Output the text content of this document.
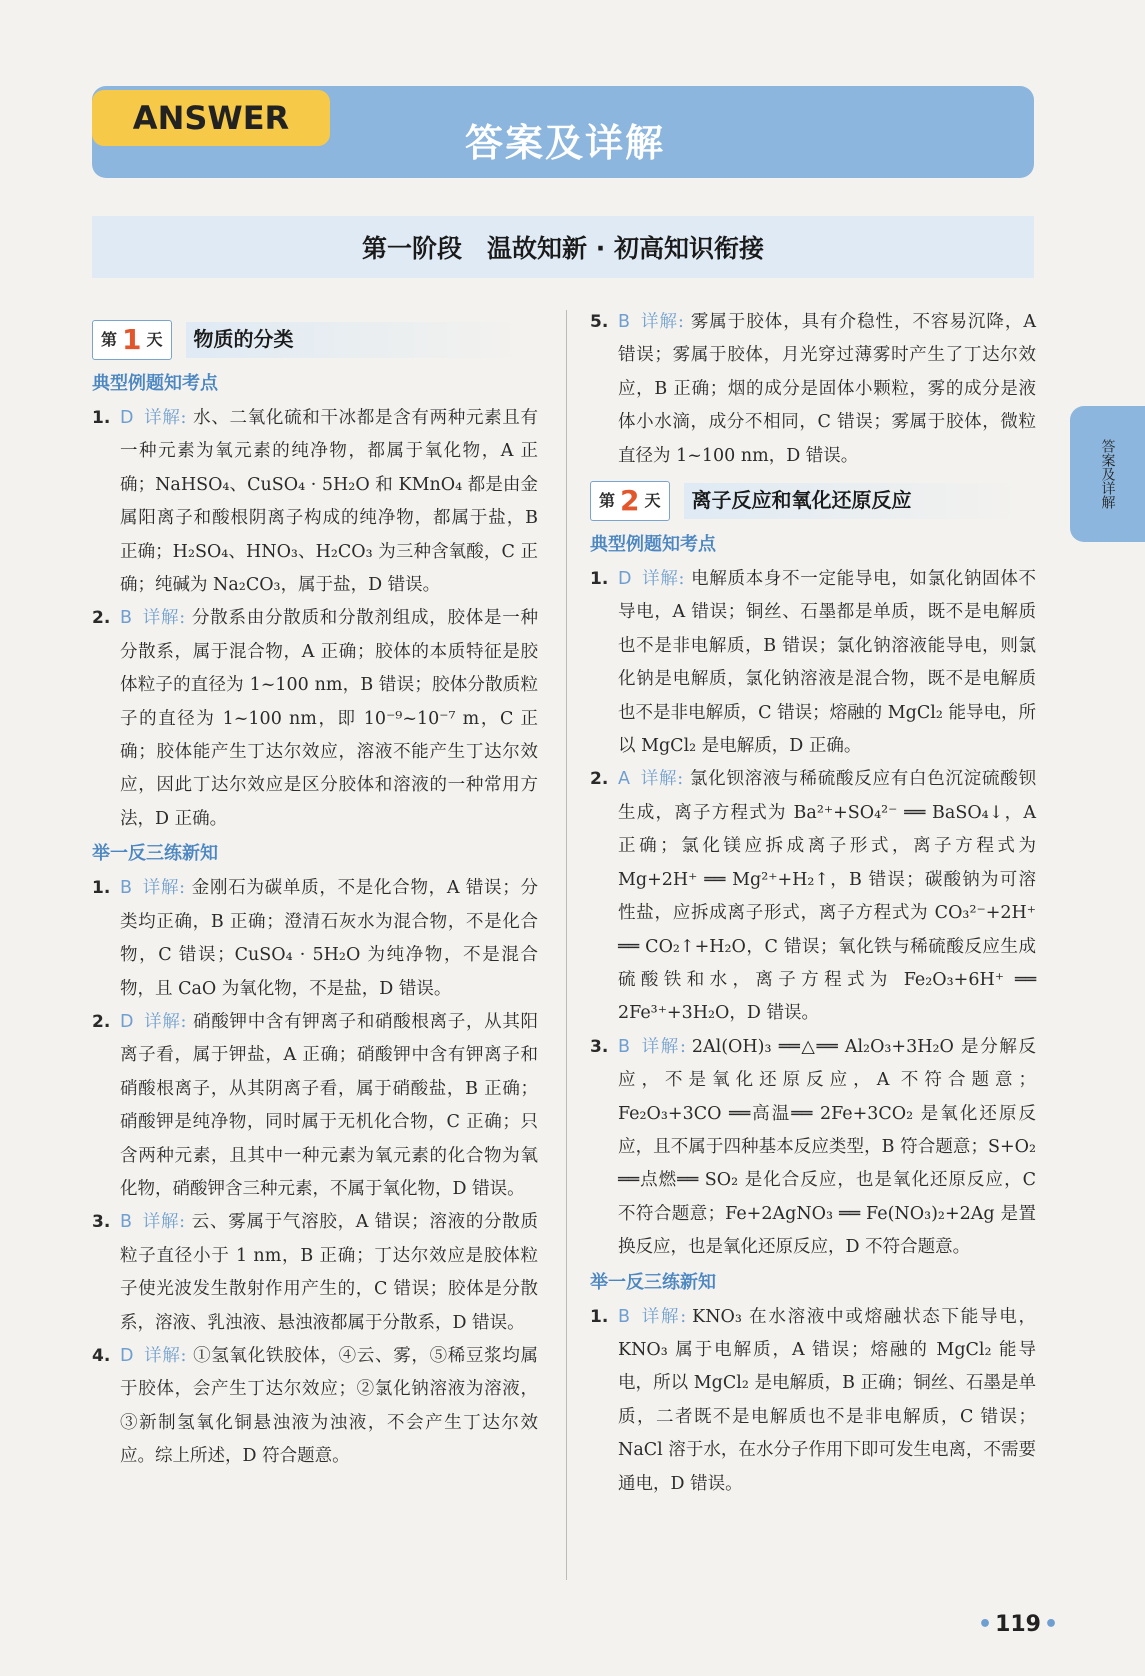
ANSWER
答案及详解
第一阶段　温故知新 · 初高知识衔接
答案及详解
第 1 天	物质的分类
典型例题知考点
1. D 详解: 水、二氧化硫和干冰都是含有两种元素且有一种元素为氧元素的纯净物，都属于氧化物，A 正确；NaHSO₄、CuSO₄ · 5H₂O 和 KMnO₄ 都是由金属阳离子和酸根阴离子构成的纯净物，都属于盐，B 正确；H₂SO₄、HNO₃、H₂CO₃ 为三种含氧酸，C 正确；纯碱为 Na₂CO₃，属于盐，D 错误。
2. B 详解: 分散系由分散质和分散剂组成，胶体是一种分散系，属于混合物，A 正确；胶体的本质特征是胶体粒子的直径为 1~100 nm，B 错误；胶体分散质粒子的直径为 1~100 nm，即 10⁻⁹~10⁻⁷ m，C 正确；胶体能产生丁达尔效应，溶液不能产生丁达尔效应，因此丁达尔效应是区分胶体和溶液的一种常用方法，D 正确。
举一反三练新知
1. B 详解: 金刚石为碳单质，不是化合物，A 错误；分类均正确，B 正确；澄清石灰水为混合物，不是化合物，C 错误；CuSO₄ · 5H₂O 为纯净物，不是混合物，且 CaO 为氧化物，不是盐，D 错误。
2. D 详解: 硝酸钾中含有钾离子和硝酸根离子，从其阳离子看，属于钾盐，A 正确；硝酸钾中含有钾离子和硝酸根离子，从其阴离子看，属于硝酸盐，B 正确；硝酸钾是纯净物，同时属于无机化合物，C 正确；只含两种元素，且其中一种元素为氧元素的化合物为氧化物，硝酸钾含三种元素，不属于氧化物，D 错误。
3. B 详解: 云、雾属于气溶胶，A 错误；溶液的分散质粒子直径小于 1 nm，B 正确；丁达尔效应是胶体粒子使光波发生散射作用产生的，C 错误；胶体是分散系，溶液、乳浊液、悬浊液都属于分散系，D 错误。
4. D 详解: ①氢氧化铁胶体，④云、雾，⑤稀豆浆均属于胶体，会产生丁达尔效应；②氯化钠溶液为溶液，③新制氢氧化铜悬浊液为浊液，不会产生丁达尔效应。综上所述，D 符合题意。
5. B 详解: 雾属于胶体，具有介稳性，不容易沉降，A 错误；雾属于胶体，月光穿过薄雾时产生了丁达尔效应，B 正确；烟的成分是固体小颗粒，雾的成分是液体小水滴，成分不相同，C 错误；雾属于胶体，微粒直径为 1~100 nm，D 错误。
第 2 天	离子反应和氧化还原反应
典型例题知考点
1. D 详解: 电解质本身不一定能导电，如氯化钠固体不导电，A 错误；铜丝、石墨都是单质，既不是电解质也不是非电解质，B 错误；氯化钠溶液能导电，则氯化钠是电解质，氯化钠溶液是混合物，既不是电解质也不是非电解质，C 错误；熔融的 MgCl₂ 能导电，所以 MgCl₂ 是电解质，D 正确。
2. A 详解: 氯化钡溶液与稀硫酸反应有白色沉淀硫酸钡生成，离子方程式为 Ba²⁺+SO₄²⁻ ══ BaSO₄↓，A 正确；氯化镁应拆成离子形式，离子方程式为 Mg+2H⁺ ══ Mg²⁺+H₂↑，B 错误；碳酸钠为可溶性盐，应拆成离子形式，离子方程式为 CO₃²⁻+2H⁺ ══ CO₂↑+H₂O，C 错误；氧化铁与稀硫酸反应生成硫酸铁和水，离子方程式为 Fe₂O₃+6H⁺ ══ 2Fe³⁺+3H₂O，D 错误。
3. B 详解: 2Al(OH)₃ ══△══ Al₂O₃+3H₂O 是分解反应，不是氧化还原反应，A 不符合题意；Fe₂O₃+3CO ══高温══ 2Fe+3CO₂ 是氧化还原反应，且不属于四种基本反应类型，B 符合题意；S+O₂ ══点燃══ SO₂ 是化合反应，也是氧化还原反应，C 不符合题意；Fe+2AgNO₃ ══ Fe(NO₃)₂+2Ag 是置换反应，也是氧化还原反应，D 不符合题意。
举一反三练新知
1. B 详解: KNO₃ 在水溶液中或熔融状态下能导电，KNO₃ 属于电解质，A 错误；熔融的 MgCl₂ 能导电，所以 MgCl₂ 是电解质，B 正确；铜丝、石墨是单质，二者既不是电解质也不是非电解质，C 错误；NaCl 溶于水，在水分子作用下即可发生电离，不需要通电，D 错误。
• 119 •
